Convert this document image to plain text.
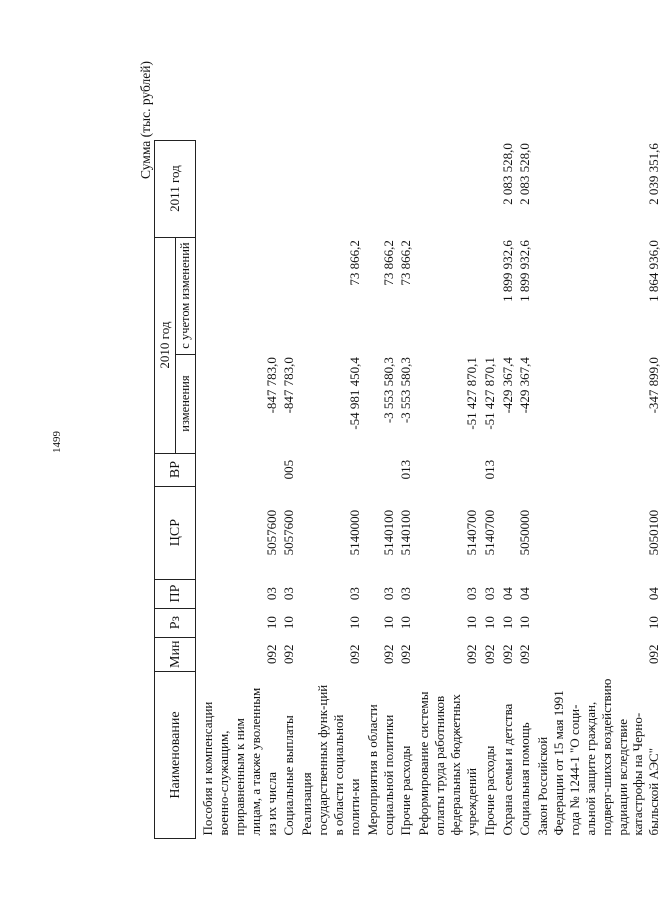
1499
Сумма (тыс. рублей)
Наименование	Мин	Рз	ПР	ЦСР	ВР	2010 год		2011 год
						изменения	с учетом изменений	
Пособия и компенсации военно-служащим, приравненным к ним лицам, а также уволенным из их числа	092	10	03	5057600		-847 783,0		
Социальные выплаты	092	10	03	5057600	005	-847 783,0		
Реализация государственных функ-ций в области социальной полити-ки	092	10	03	5140000		-54 981 450,4	73 866,2	
Мероприятия в области социальной политики	092	10	03	5140100		-3 553 580,3	73 866,2	
Прочие расходы	092	10	03	5140100	013	-3 553 580,3	73 866,2	
Реформирование системы оплаты труда работников федеральных бюджетных учреждений	092	10	03	5140700		-51 427 870,1		
Прочие расходы	092	10	03	5140700	013	-51 427 870,1		
Охрана семьи и детства	092	10	04			-429 367,4	1 899 932,6	2 083 528,0
Социальная помощь	092	10	04	5050000		-429 367,4	1 899 932,6	2 083 528,0
Закон Российской Федерации от 15 мая 1991 года № 1244-1 "О соци-альной защите граждан, подверг-шихся воздействию радиации вследствие катастрофы на Черно-быльской АЭС"	092	10	04	5050100		-347 899,0	1 864 936,0	2 039 351,6
